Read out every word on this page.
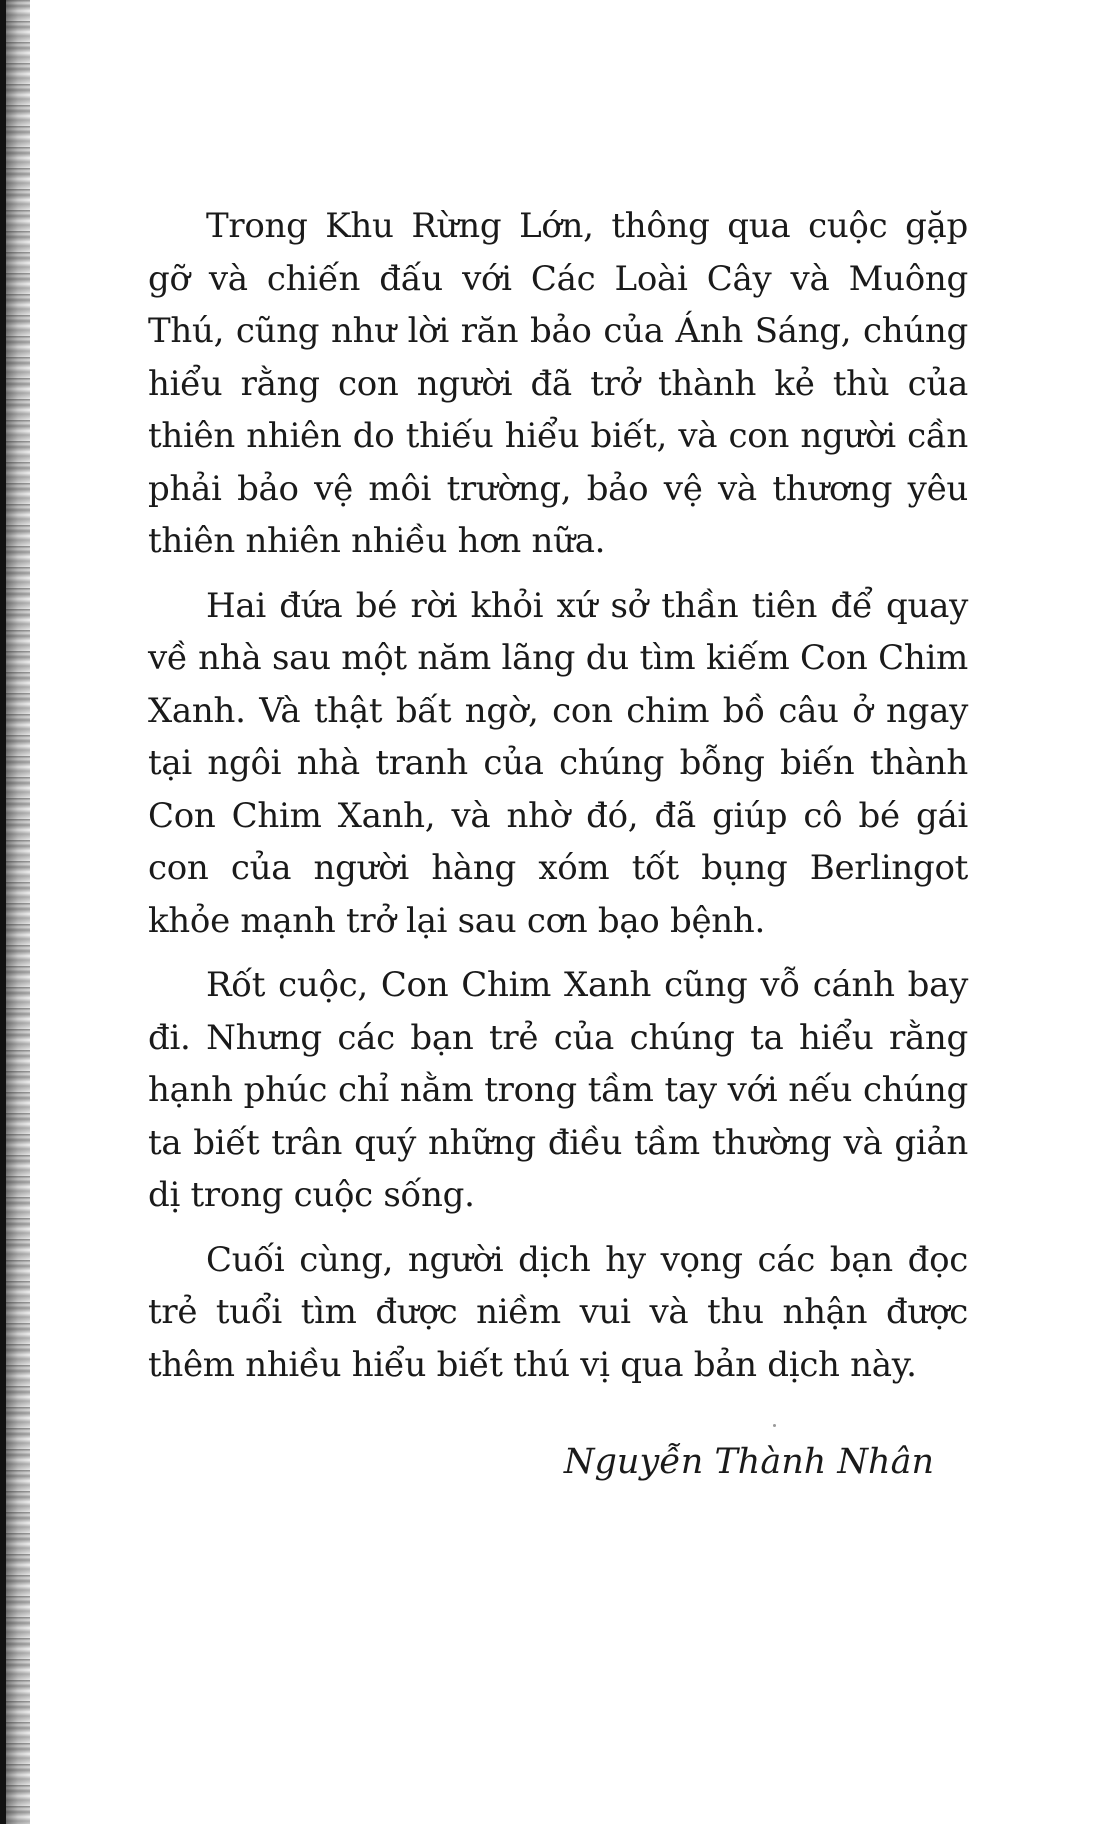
Trong Khu Rừng Lớn, thông qua cuộc gặp gỡ và chiến đấu với Các Loài Cây và Muông Thú, cũng như lời răn bảo của Ánh Sáng, chúng hiểu rằng con người đã trở thành kẻ thù của thiên nhiên do thiếu hiểu biết, và con người cần phải bảo vệ môi trường, bảo vệ và thương yêu thiên nhiên nhiều hơn nữa.

Hai đứa bé rời khỏi xứ sở thần tiên để quay về nhà sau một năm lãng du tìm kiếm Con Chim Xanh. Và thật bất ngờ, con chim bồ câu ở ngay tại ngôi nhà tranh của chúng bỗng biến thành Con Chim Xanh, và nhờ đó, đã giúp cô bé gái con của người hàng xóm tốt bụng Berlingot khỏe mạnh trở lại sau cơn bạo bệnh.

Rốt cuộc, Con Chim Xanh cũng vỗ cánh bay đi. Nhưng các bạn trẻ của chúng ta hiểu rằng hạnh phúc chỉ nằm trong tầm tay với nếu chúng ta biết trân quý những điều tầm thường và giản dị trong cuộc sống.

Cuối cùng, người dịch hy vọng các bạn đọc trẻ tuổi tìm được niềm vui và thu nhận được thêm nhiều hiểu biết thú vị qua bản dịch này.

Nguyễn Thành Nhân
